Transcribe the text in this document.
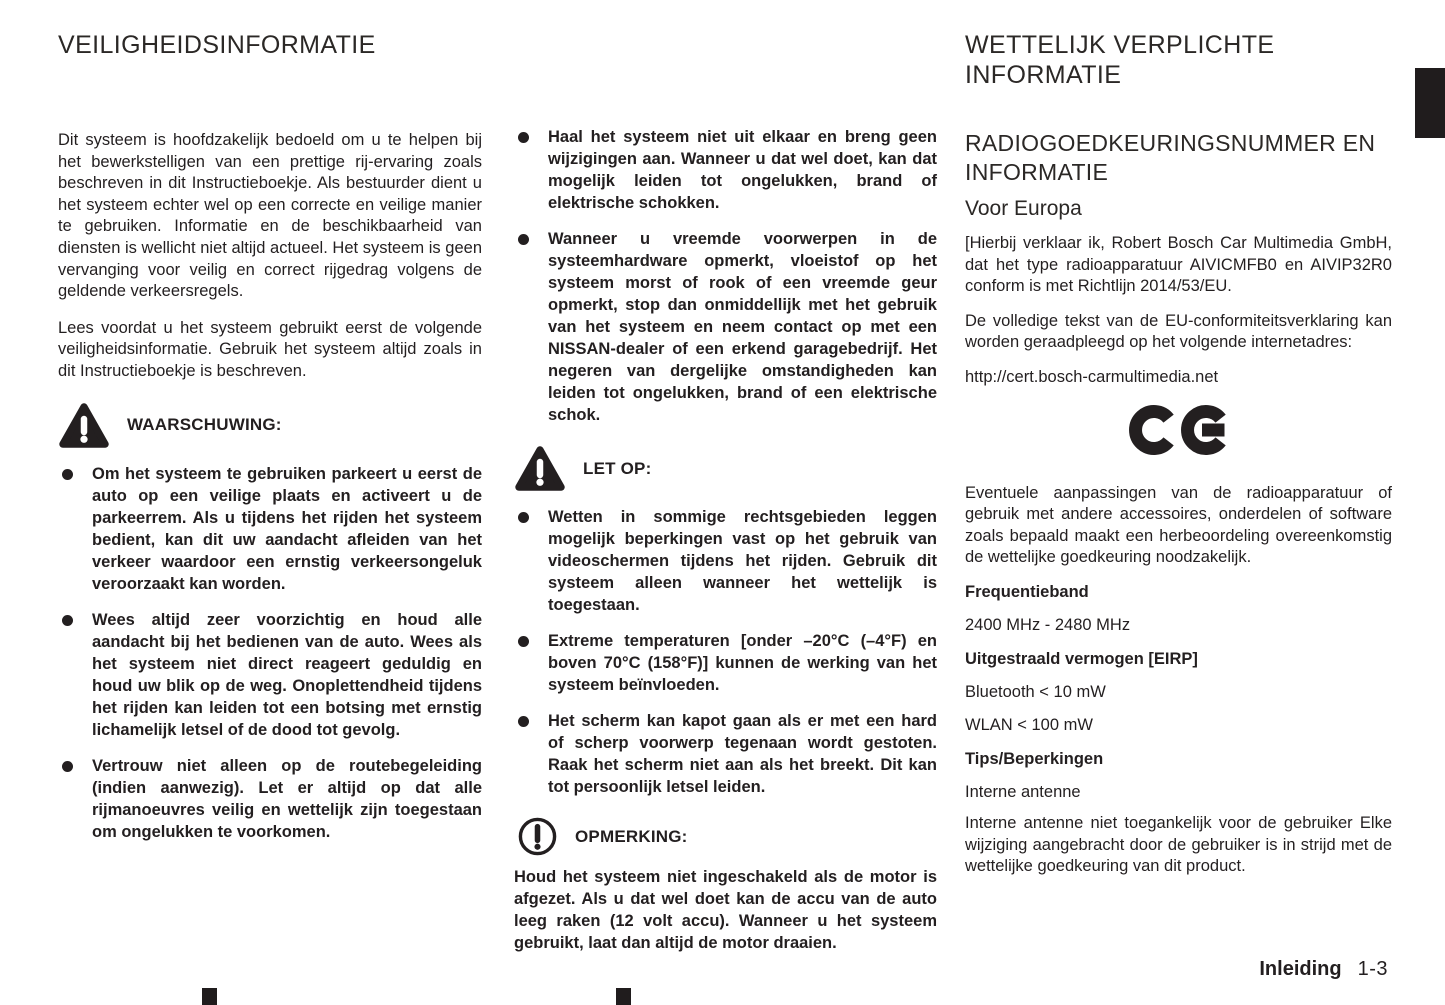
VEILIGHEIDSINFORMATIE

Dit systeem is hoofdzakelijk bedoeld om u te helpen bij het bewerkstelligen van een prettige rij-ervaring zoals beschreven in dit Instructieboekje. Als bestuurder dient u het systeem echter wel op een correcte en veilige manier te gebruiken. Informatie en de beschikbaarheid van diensten is wellicht niet altijd actueel. Het systeem is geen vervanging voor veilig en correct rijgedrag volgens de geldende verkeersregels.

Lees voordat u het systeem gebruikt eerst de volgende veiligheidsinformatie. Gebruik het systeem altijd zoals in dit Instructieboekje is beschreven.

WAARSCHUWING:

Om het systeem te gebruiken parkeert u eerst de auto op een veilige plaats en activeert u de parkeerrem. Als u tijdens het rijden het systeem bedient, kan dit uw aandacht afleiden van het verkeer waardoor een ernstig verkeersongeluk veroorzaakt kan worden.

Wees altijd zeer voorzichtig en houd alle aandacht bij het bedienen van de auto. Wees als het systeem niet direct reageert geduldig en houd uw blik op de weg. Onoplettendheid tijdens het rijden kan leiden tot een botsing met ernstig lichamelijk letsel of de dood tot gevolg.

Vertrouw niet alleen op de routebegeleiding (indien aanwezig). Let er altijd op dat alle rijmanoeuvres veilig en wettelijk zijn toegestaan om ongelukken te voorkomen.

Haal het systeem niet uit elkaar en breng geen wijzigingen aan. Wanneer u dat wel doet, kan dat mogelijk leiden tot ongelukken, brand of elektrische schokken.

Wanneer u vreemde voorwerpen in de systeemhardware opmerkt, vloeistof op het systeem morst of rook of een vreemde geur opmerkt, stop dan onmiddellijk met het gebruik van het systeem en neem contact op met een NISSAN-dealer of een erkend garagebedrijf. Het negeren van dergelijke omstandigheden kan leiden tot ongelukken, brand of een elektrische schok.

LET OP:

Wetten in sommige rechtsgebieden leggen mogelijk beperkingen vast op het gebruik van videoschermen tijdens het rijden. Gebruik dit systeem alleen wanneer het wettelijk is toegestaan.

Extreme temperaturen [onder –20°C (–4°F) en boven 70°C (158°F)] kunnen de werking van het systeem beïnvloeden.

Het scherm kan kapot gaan als er met een hard of scherp voorwerp tegenaan wordt gestoten. Raak het scherm niet aan als het breekt. Dit kan tot persoonlijk letsel leiden.

OPMERKING:

Houd het systeem niet ingeschakeld als de motor is afgezet. Als u dat wel doet kan de accu van de auto leeg raken (12 volt accu). Wanneer u het systeem gebruikt, laat dan altijd de motor draaien.

WETTELIJK VERPLICHTE INFORMATIE
RADIOGOEDKEURINGSNUMMER EN INFORMATIE
Voor Europa

[Hierbij verklaar ik, Robert Bosch Car Multimedia GmbH, dat het type radioapparatuur AIVICMFB0 en AIVIP32R0 conform is met Richtlijn 2014/53/EU.

De volledige tekst van de EU-conformiteitsverklaring kan worden geraadpleegd op het volgende internetadres:

http://cert.bosch-carmultimedia.net

Eventuele aanpassingen van de radioapparatuur of gebruik met andere accessoires, onderdelen of software zoals bepaald maakt een herbeoordeling overeenkomstig de wettelijke goedkeuring noodzakelijk.

Frequentieband

2400 MHz - 2480 MHz

Uitgestraald vermogen [EIRP]

Bluetooth < 10 mW

WLAN < 100 mW

Tips/Beperkingen

Interne antenne

Interne antenne niet toegankelijk voor de gebruiker Elke wijziging aangebracht door de gebruiker is in strijd met de wettelijke goedkeuring van dit product.

Inleiding 1-3
